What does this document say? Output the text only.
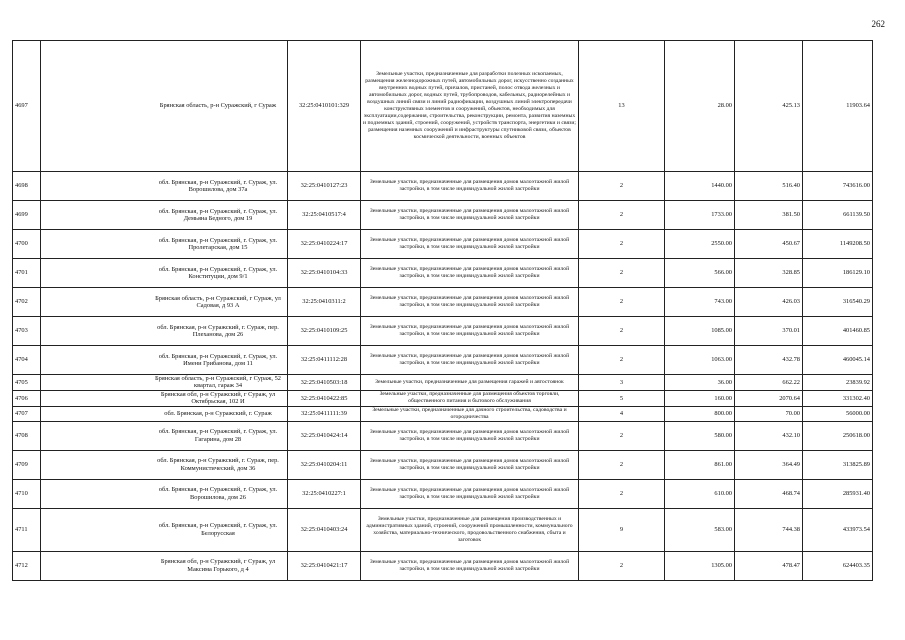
262
4697	Брянская область, р-н Суражский, г Сураж	32:25:0410101:329	Земельные участки, предназначенные для разработки полезных ископаемых, размещения железнодорожных путей, автомобильных дорог, искусственно созданных внутренних водных путей, причалов, пристаней, полос отвода железных и автомобильных дорог, водных путей, трубопроводов, кабельных, радиорелейных и воздушных линий связи и линий радиофикации, воздушных линий электропередачи конструктивных элементов и сооружений, объектов, необходимых для эксплуатации,содержания, строительства, реконструкции, ремонта, развития наземных и подземных зданий, строений, сооружений, устройств транспорта, энергетики и связи; размещения наземных сооружений и инфраструктуры спутниковой связи, объектов космической деятельности, военных объектов	13	28.00	425.13	11903.64
4698	обл. Брянская, р-н Суражский, г. Сураж, ул. Ворошилова, дом 37а	32:25:0410127:23	Земельные участки, предназначенные для размещения домов малоэтажной жилой застройки, в том числе индивидуальной жилой застройки	2	1440.00	516.40	743616.00
4699	обл. Брянская, р-н Суражский, г. Сураж, ул. Демьяна Бедного, дом 19	32:25:0410517:4	Земельные участки, предназначенные для размещения домов малоэтажной жилой застройки, в том числе индивидуальной жилой застройки	2	1733.00	381.50	661139.50
4700	обл. Брянская, р-н Суражский, г. Сураж, ул. Пролетарская, дом 15	32:25:0410224:17	Земельные участки, предназначенные для размещения домов малоэтажной жилой застройки, в том числе индивидуальной жилой застройки	2	2550.00	450.67	1149208.50
4701	обл. Брянская, р-н Суражский, г. Сураж, ул. Конституции, дом 9/1	32:25:0410104:33	Земельные участки, предназначенные для размещения домов малоэтажной жилой застройки, в том числе индивидуальной жилой застройки	2	566.00	328.85	186129.10
4702	Брянская область, р-н Суражский, г Сураж, ул Садовая, д 93 А	32:25:0410311:2	Земельные участки, предназначенные для размещения домов малоэтажной жилой застройки, в том числе индивидуальной жилой застройки	2	743.00	426.03	316540.29
4703	обл. Брянская, р-н Суражский, г. Сураж, пер. Плеханова, дом 26	32:25:0410109:25	Земельные участки, предназначенные для размещения домов малоэтажной жилой застройки, в том числе индивидуальной жилой застройки	2	1085.00	370.01	401460.85
4704	обл. Брянская, р-н Суражский, г. Сураж, ул. Имени Грибанова, дом 11	32:25:0411112:28	Земельные участки, предназначенные для размещения домов малоэтажной жилой застройки, в том числе индивидуальной жилой застройки	2	1063.00	432.78	460045.14
4705	Брянская область, р-н Суражский, г Сураж, 52 квартал, гараж 34	32:25:0410503:18	Земельные участки, предназначенные для размещения гаражей и автостоянок	3	36.00	662.22	23839.92
4706	Брянская обл, р-н Суражский, г Сураж, ул Октябрьская, 102 И	32:25:0410422:85	Земельные участки, предназначенные для размещения объектов торговли, общественного питания и бытового обслуживания	5	160.00	2070.64	331302.40
4707	обл. Брянская, р-н Суражский, г. Сураж	32:25:0411111:39	Земельные участки, предназначенные для дачного строительства, садоводства и огородничества	4	800.00	70.00	56000.00
4708	обл. Брянская, р-н Суражский, г. Сураж, ул. Гагарина, дом 28	32:25:0410424:14	Земельные участки, предназначенные для размещения домов малоэтажной жилой застройки, в том числе индивидуальной жилой застройки	2	580.00	432.10	250618.00
4709	обл. Брянская, р-н Суражский, г. Сураж, пер. Коммунистический, дом 36	32:25:0410204:11	Земельные участки, предназначенные для размещения домов малоэтажной жилой застройки, в том числе индивидуальной жилой застройки	2	861.00	364.49	313825.89
4710	обл. Брянская, р-н Суражский, г. Сураж, ул. Ворошилова, дом 26	32:25:0410227:1	Земельные участки, предназначенные для размещения домов малоэтажной жилой застройки, в том числе индивидуальной жилой застройки	2	610.00	468.74	285931.40
4711	обл. Брянская, р-н Суражский, г. Сураж, ул. Белорусская	32:25:0410403:24	Земельные участки, предназначенные для размещения производственных и административных зданий, строений, сооружений промышленности, коммунального хозяйства, материально-технического, продовольственного снабжения, сбыта и заготовок	9	583.00	744.38	433973.54
4712	Брянская обл, р-н Суражский, г Сураж, ул Максима Горького, д 4	32:25:0410421:17	Земельные участки, предназначенные для размещения домов малоэтажной жилой застройки, в том числе индивидуальной жилой застройки	2	1305.00	478.47	624403.35
